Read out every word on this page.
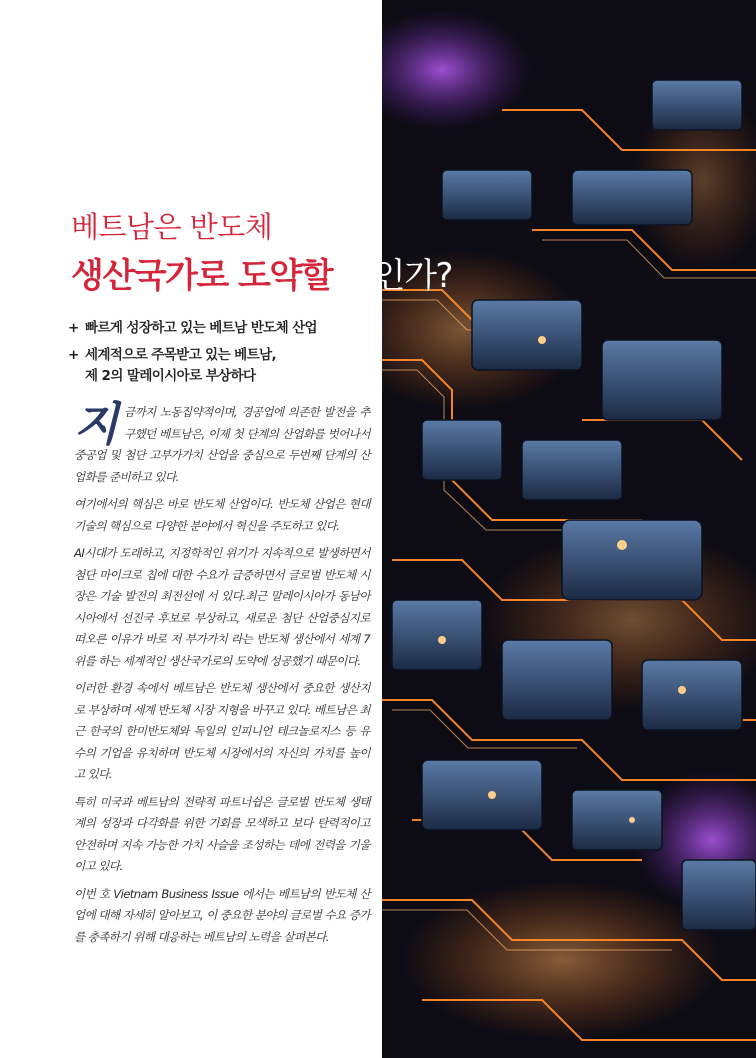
베트남은 반도체
생산국가로 도약할 것인가?
+ 빠르게 성장하고 있는 베트남 반도체 산업
+ 세계적으로 주목받고 있는 베트남,
제 2의 말레이시아로 부상하다

지금까지 노동집약적이며, 경공업에 의존한 발전을 추구했던 베트남은, 이제 첫 단계의 산업화를 벗어나서 중공업 및 첨단 고부가가치 산업을 중심으로 두번째 단계의 산업화를 준비하고 있다.

여기에서의 핵심은 바로 반도체 산업이다. 반도체 산업은 현대 기술의 핵심으로 다양한 분야에서 혁신을 주도하고 있다.

AI시대가 도래하고, 지정학적인 위기가 지속적으로 발생하면서 첨단 마이크로 칩에 대한 수요가 급증하면서 글로벌 반도체 시장은 기술 발전의 최전선에 서 있다.최근 말레이시아가 동남아시아에서 선진국 후보로 부상하고, 새로운 첨단 산업중심지로 떠오른 이유가 바로 저 부가가치 라는 반도체 생산에서 세계 7위를 하는 세계적인 생산국가로의 도약에 성공했기 때문이다.

이러한 환경 속에서 베트남은 반도체 생산에서 중요한 생산지로 부상하며 세계 반도체 시장 지형을 바꾸고 있다. 베트남은 최근 한국의 한미반도체와 독일의 인피니언 테크놀로지스 등 유수의 기업을 유치하며 반도체 시장에서의 자신의 가치를 높이고 있다.

특히 미국과 베트남의 전략적 파트너쉽은 글로벌 반도체 생태계의 성장과 다각화를 위한 기회를 모색하고 보다 탄력적이고 안전하며 지속 가능한 가치 사슬을 조성하는 데에 전력을 기울이고 있다.

이번 호 Vietnam Business Issue 에서는 베트남의 반도체 산업에 대해 자세히 알아보고, 이 중요한 분야의 글로벌 수요 증가를 충족하기 위해 대응하는 베트남의 노력을 살펴본다.
